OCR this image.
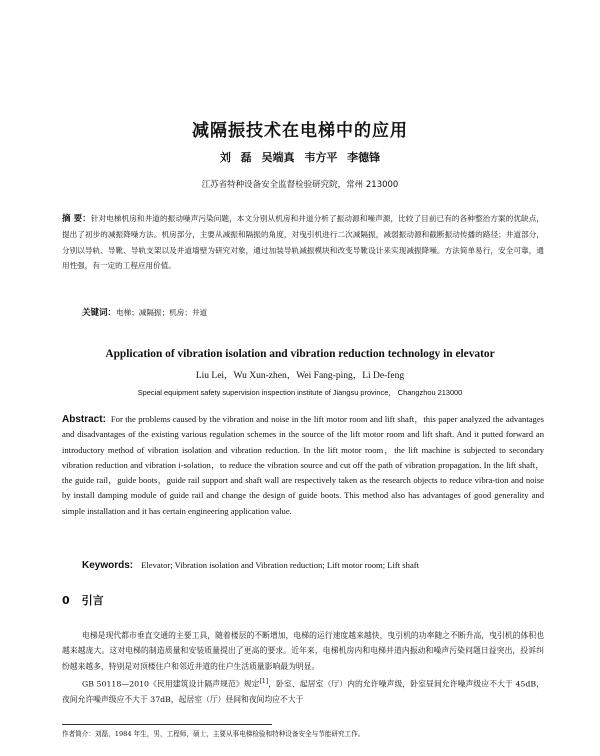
减隔振技术在电梯中的应用
刘 磊 吴端真 韦方平 李德锋
江苏省特种设备安全监督检验研究院，常州 213000
摘 要：针对电梯机房和井道的振动噪声污染问题，本文分别从机房和井道分析了振动源和噪声源，比较了目前已有的各种整治方案的优缺点，提出了初步的减振降噪方法。机房部分，主要从减振和隔振的角度，对曳引机进行二次减隔振，减弱振动源和截断振动传播的路径；井道部分，分别以导轨、导靴、导轨支架以及井道墙壁为研究对象，通过加装导轨减振模块和改变导靴设计来实现减振降噪。方法简单易行，安全可靠，通用性强，有一定的工程应用价值。
关键词：电梯；减隔振；机房；井道
Application of vibration isolation and vibration reduction technology in elevator
Liu Lei，Wu Xun-zhen，Wei Fang-ping，Li De-feng
Special equipment safety supervision inspection institute of Jiangsu province， Changzhou 213000
Abstract: For the problems caused by the vibration and noise in the lift motor room and lift shaft，this paper analyzed the advantages and disadvantages of the existing various regulation schemes in the source of the lift motor room and lift shaft. And it putted forward an introductory method of vibration isolation and vibration reduction. In the lift motor room，the lift machine is subjected to secondary vibration reduction and vibration i-solation，to reduce the vibration source and cut off the path of vibration propagation. In the lift shaft，the guide rail，guide boots，guide rail support and shaft wall are respectively taken as the research objects to reduce vibra-tion and noise by install damping module of guide rail and change the design of guide boots. This method also has advantages of good generality and simple installation and it has certain engineering application value.
Keywords: Elevator; Vibration isolation and Vibration reduction; Lift motor room; Lift shaft
0 引言
电梯是现代都市垂直交通的主要工具，随着楼层的不断增加，电梯的运行速度越来越快，曳引机的功率随之不断升高，曳引机的体积也越来越庞大。这对电梯的制造质量和安装质量提出了更高的要求。近年来，电梯机房内和电梯井道内振动和噪声污染问题日益突出，投诉纠纷越来越多，特别是对顶楼住户和邻近井道的住户生活质量影响最为明显。
GB 50118—2010《民用建筑设计隔声规范》规定[1]，卧室、起居室（厅）内的允许噪声级，卧室昼间允许噪声级应不大于 45dB，夜间允许噪声级应不大于 37dB，起居室（厅）昼间和夜间均应不大于
作者简介：刘磊，1984 年生，男，工程师，硕士，主要从事电梯检验和特种设备安全与节能研究工作。
